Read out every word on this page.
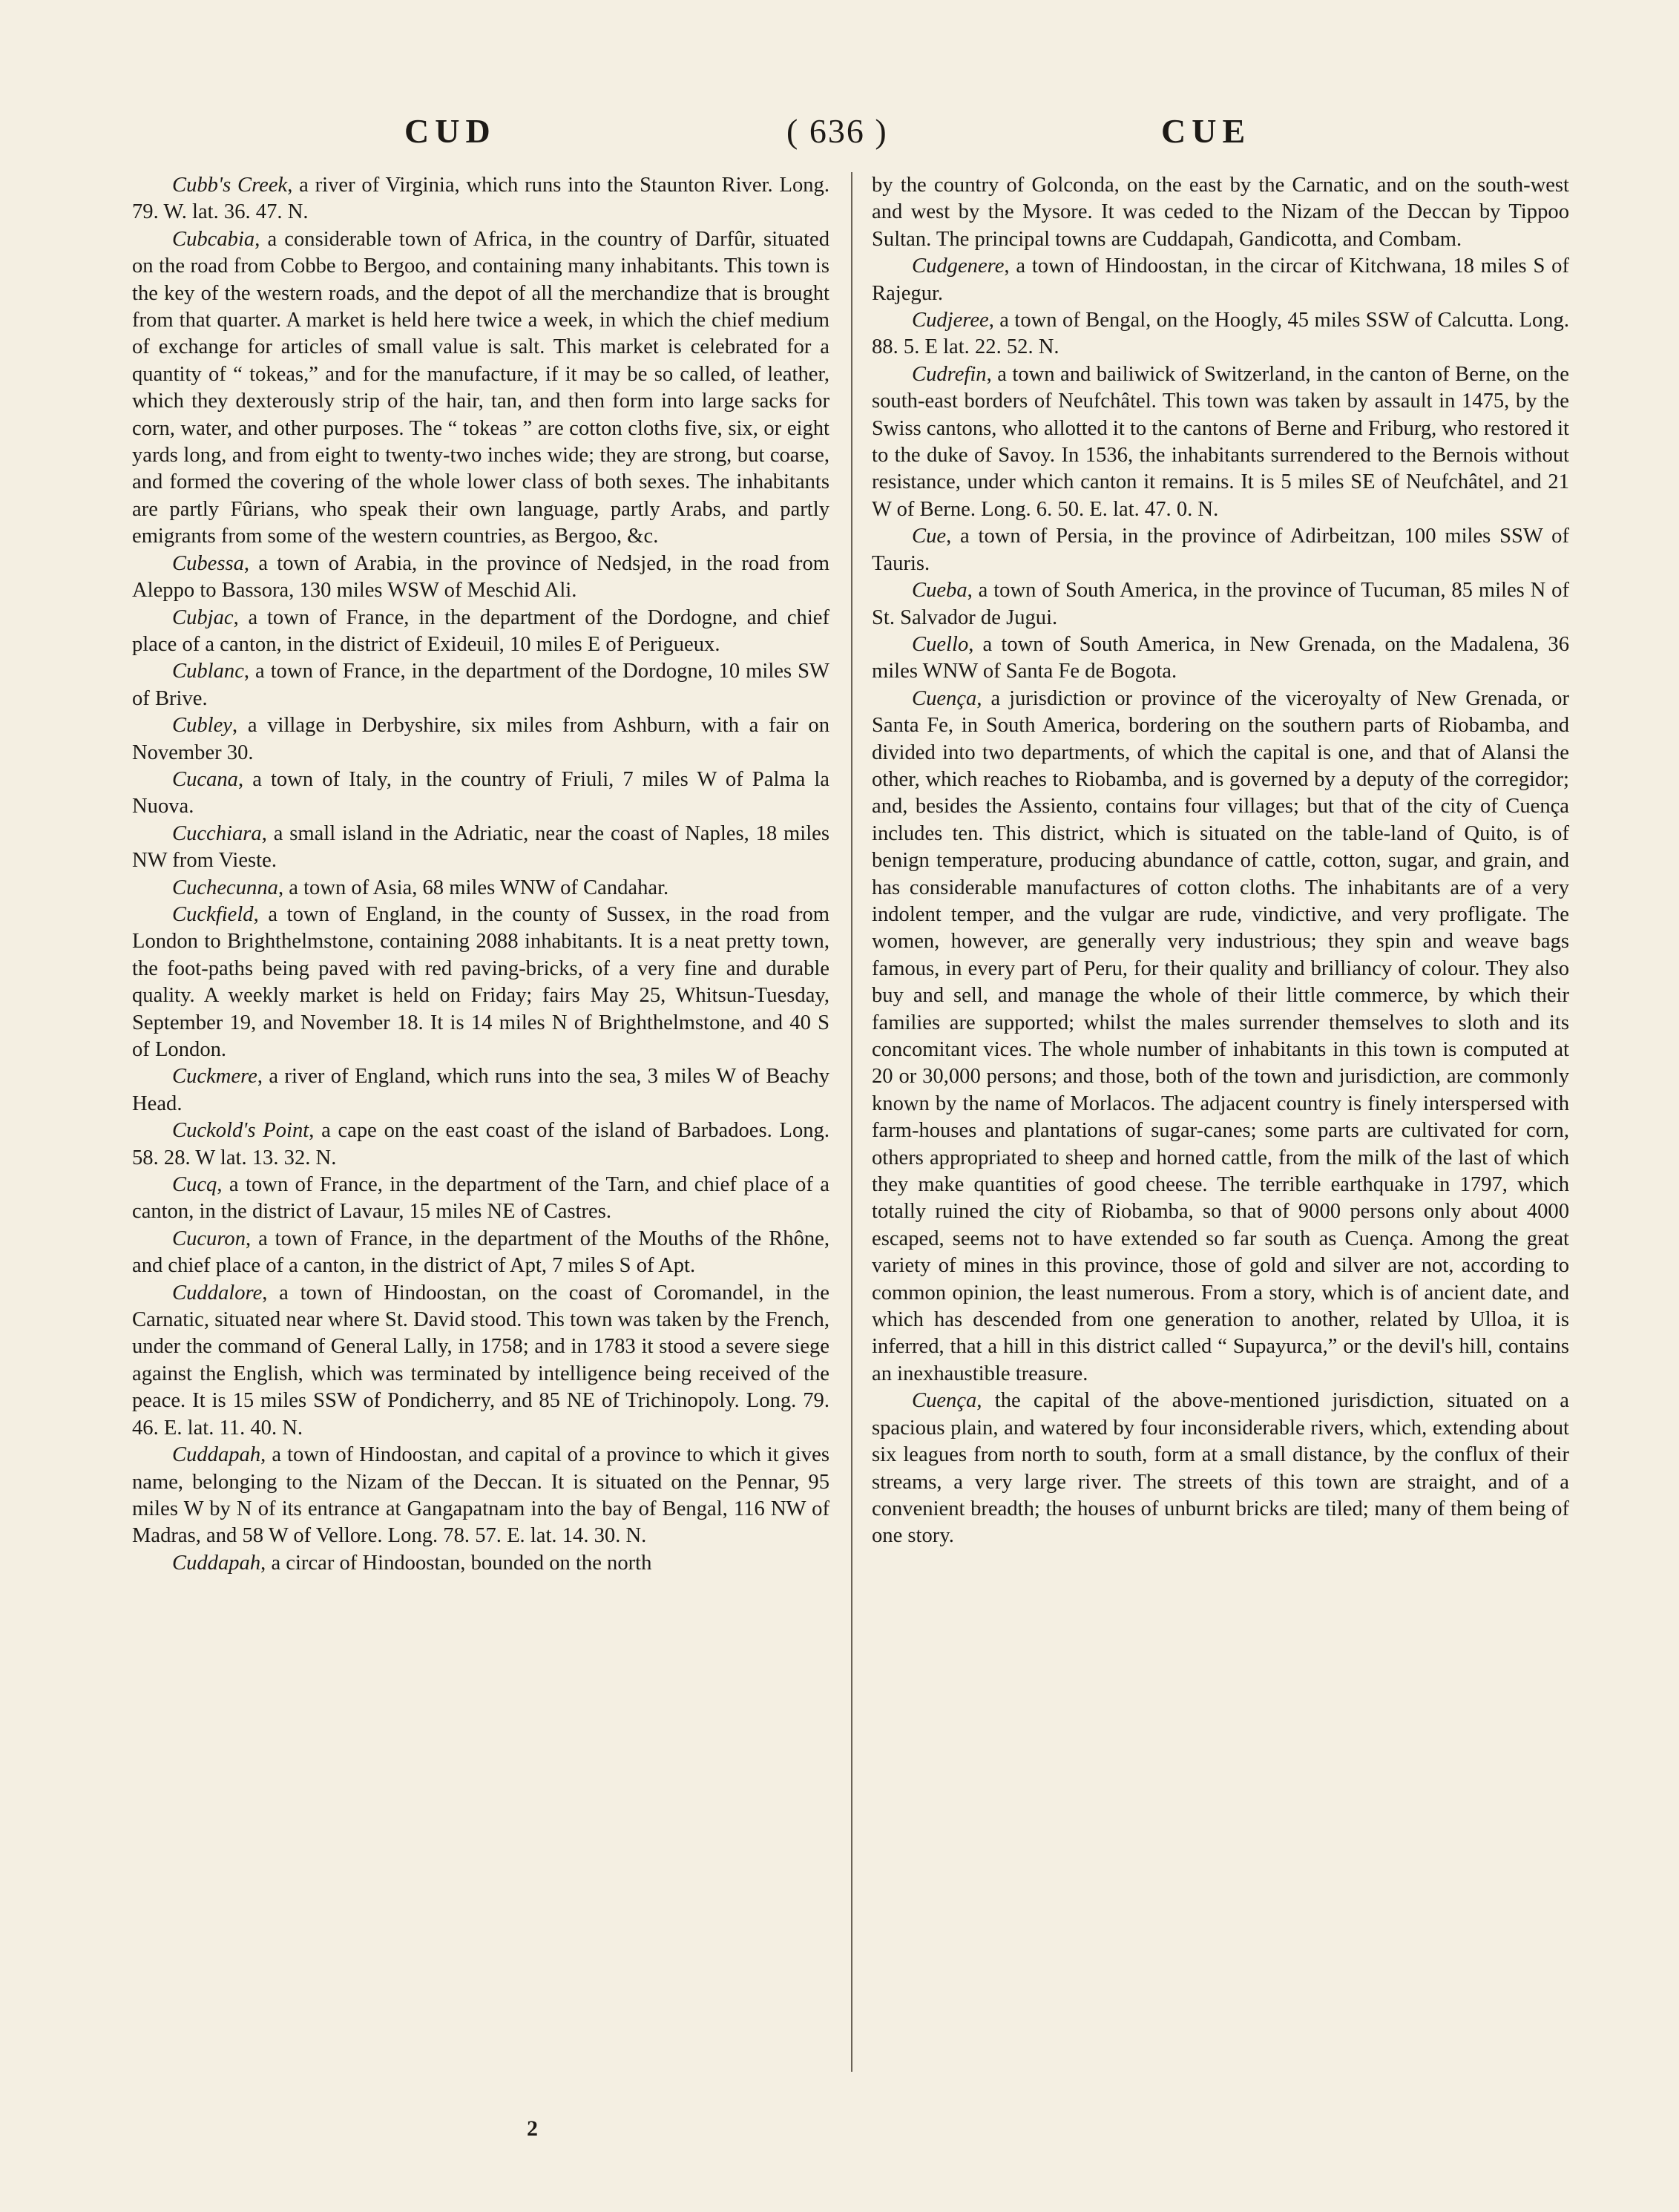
CUD	( 636 )	CUE

Cubb's Creek, a river of Virginia, which runs into the Staunton River. Long. 79. W. lat. 36. 47. N.

Cubcabia, a considerable town of Africa, in the country of Darfûr, situated on the road from Cobbe to Bergoo, and containing many inhabitants. This town is the key of the western roads, and the depot of all the merchandize that is brought from that quarter. A market is held here twice a week, in which the chief medium of exchange for articles of small value is salt. This market is celebrated for a quantity of “ tokeas,” and for the manufacture, if it may be so called, of leather, which they dexterously strip of the hair, tan, and then form into large sacks for corn, water, and other purposes. The “ tokeas ” are cotton cloths five, six, or eight yards long, and from eight to twenty-two inches wide; they are strong, but coarse, and formed the covering of the whole lower class of both sexes. The inhabitants are partly Fûrians, who speak their own language, partly Arabs, and partly emigrants from some of the western countries, as Bergoo, &c.

Cubessa, a town of Arabia, in the province of Nedsjed, in the road from Aleppo to Bassora, 130 miles WSW of Meschid Ali.

Cubjac, a town of France, in the department of the Dordogne, and chief place of a canton, in the district of Exideuil, 10 miles E of Perigueux.

Cublanc, a town of France, in the department of the Dordogne, 10 miles SW of Brive.

Cubley, a village in Derbyshire, six miles from Ashburn, with a fair on November 30.

Cucana, a town of Italy, in the country of Friuli, 7 miles W of Palma la Nuova.

Cucchiara, a small island in the Adriatic, near the coast of Naples, 18 miles NW from Vieste.

Cuchecunna, a town of Asia, 68 miles WNW of Candahar.

Cuckfield, a town of England, in the county of Sussex, in the road from London to Brighthelmstone, containing 2088 inhabitants. It is a neat pretty town, the foot-paths being paved with red paving-bricks, of a very fine and durable quality. A weekly market is held on Friday; fairs May 25, Whitsun-Tuesday, September 19, and November 18. It is 14 miles N of Brighthelmstone, and 40 S of London.

Cuckmere, a river of England, which runs into the sea, 3 miles W of Beachy Head.

Cuckold's Point, a cape on the east coast of the island of Barbadoes. Long. 58. 28. W lat. 13. 32. N.

Cucq, a town of France, in the department of the Tarn, and chief place of a canton, in the district of Lavaur, 15 miles NE of Castres.

Cucuron, a town of France, in the department of the Mouths of the Rhône, and chief place of a canton, in the district of Apt, 7 miles S of Apt.

Cuddalore, a town of Hindoostan, on the coast of Coromandel, in the Carnatic, situated near where St. David stood. This town was taken by the French, under the command of General Lally, in 1758; and in 1783 it stood a severe siege against the English, which was terminated by intelligence being received of the peace. It is 15 miles SSW of Pondicherry, and 85 NE of Trichinopoly. Long. 79. 46. E. lat. 11. 40. N.

Cuddapah, a town of Hindoostan, and capital of a province to which it gives name, belonging to the Nizam of the Deccan. It is situated on the Pennar, 95 miles W by N of its entrance at Gangapatnam into the bay of Bengal, 116 NW of Madras, and 58 W of Vellore. Long. 78. 57. E. lat. 14. 30. N.

Cuddapah, a circar of Hindoostan, bounded on the north

by the country of Golconda, on the east by the Carnatic, and on the south-west and west by the Mysore. It was ceded to the Nizam of the Deccan by Tippoo Sultan. The principal towns are Cuddapah, Gandicotta, and Combam.

Cudgenere, a town of Hindoostan, in the circar of Kitchwana, 18 miles S of Rajegur.

Cudjeree, a town of Bengal, on the Hoogly, 45 miles SSW of Calcutta. Long. 88. 5. E lat. 22. 52. N.

Cudrefin, a town and bailiwick of Switzerland, in the canton of Berne, on the south-east borders of Neufchâtel. This town was taken by assault in 1475, by the Swiss cantons, who allotted it to the cantons of Berne and Friburg, who restored it to the duke of Savoy. In 1536, the inhabitants surrendered to the Bernois without resistance, under which canton it remains. It is 5 miles SE of Neufchâtel, and 21 W of Berne. Long. 6. 50. E. lat. 47. 0. N.

Cue, a town of Persia, in the province of Adirbeitzan, 100 miles SSW of Tauris.

Cueba, a town of South America, in the province of Tucuman, 85 miles N of St. Salvador de Jugui.

Cuello, a town of South America, in New Grenada, on the Madalena, 36 miles WNW of Santa Fe de Bogota.

Cuença, a jurisdiction or province of the viceroyalty of New Grenada, or Santa Fe, in South America, bordering on the southern parts of Riobamba, and divided into two departments, of which the capital is one, and that of Alansi the other, which reaches to Riobamba, and is governed by a deputy of the corregidor; and, besides the Assiento, contains four villages; but that of the city of Cuença includes ten. This district, which is situated on the table-land of Quito, is of benign temperature, producing abundance of cattle, cotton, sugar, and grain, and has considerable manufactures of cotton cloths. The inhabitants are of a very indolent temper, and the vulgar are rude, vindictive, and very profligate. The women, however, are generally very industrious; they spin and weave bags famous, in every part of Peru, for their quality and brilliancy of colour. They also buy and sell, and manage the whole of their little commerce, by which their families are supported; whilst the males surrender themselves to sloth and its concomitant vices. The whole number of inhabitants in this town is computed at 20 or 30,000 persons; and those, both of the town and jurisdiction, are commonly known by the name of Morlacos. The adjacent country is finely interspersed with farm-houses and plantations of sugar-canes; some parts are cultivated for corn, others appropriated to sheep and horned cattle, from the milk of the last of which they make quantities of good cheese. The terrible earthquake in 1797, which totally ruined the city of Riobamba, so that of 9000 persons only about 4000 escaped, seems not to have extended so far south as Cuença. Among the great variety of mines in this province, those of gold and silver are not, according to common opinion, the least numerous. From a story, which is of ancient date, and which has descended from one generation to another, related by Ulloa, it is inferred, that a hill in this district called “ Supayurca,” or the devil's hill, contains an inexhaustible treasure.

Cuença, the capital of the above-mentioned jurisdiction, situated on a spacious plain, and watered by four inconsiderable rivers, which, extending about six leagues from north to south, form at a small distance, by the conflux of their streams, a very large river. The streets of this town are straight, and of a convenient breadth; the houses of unburnt bricks are tiled; many of them being of one story.

2
